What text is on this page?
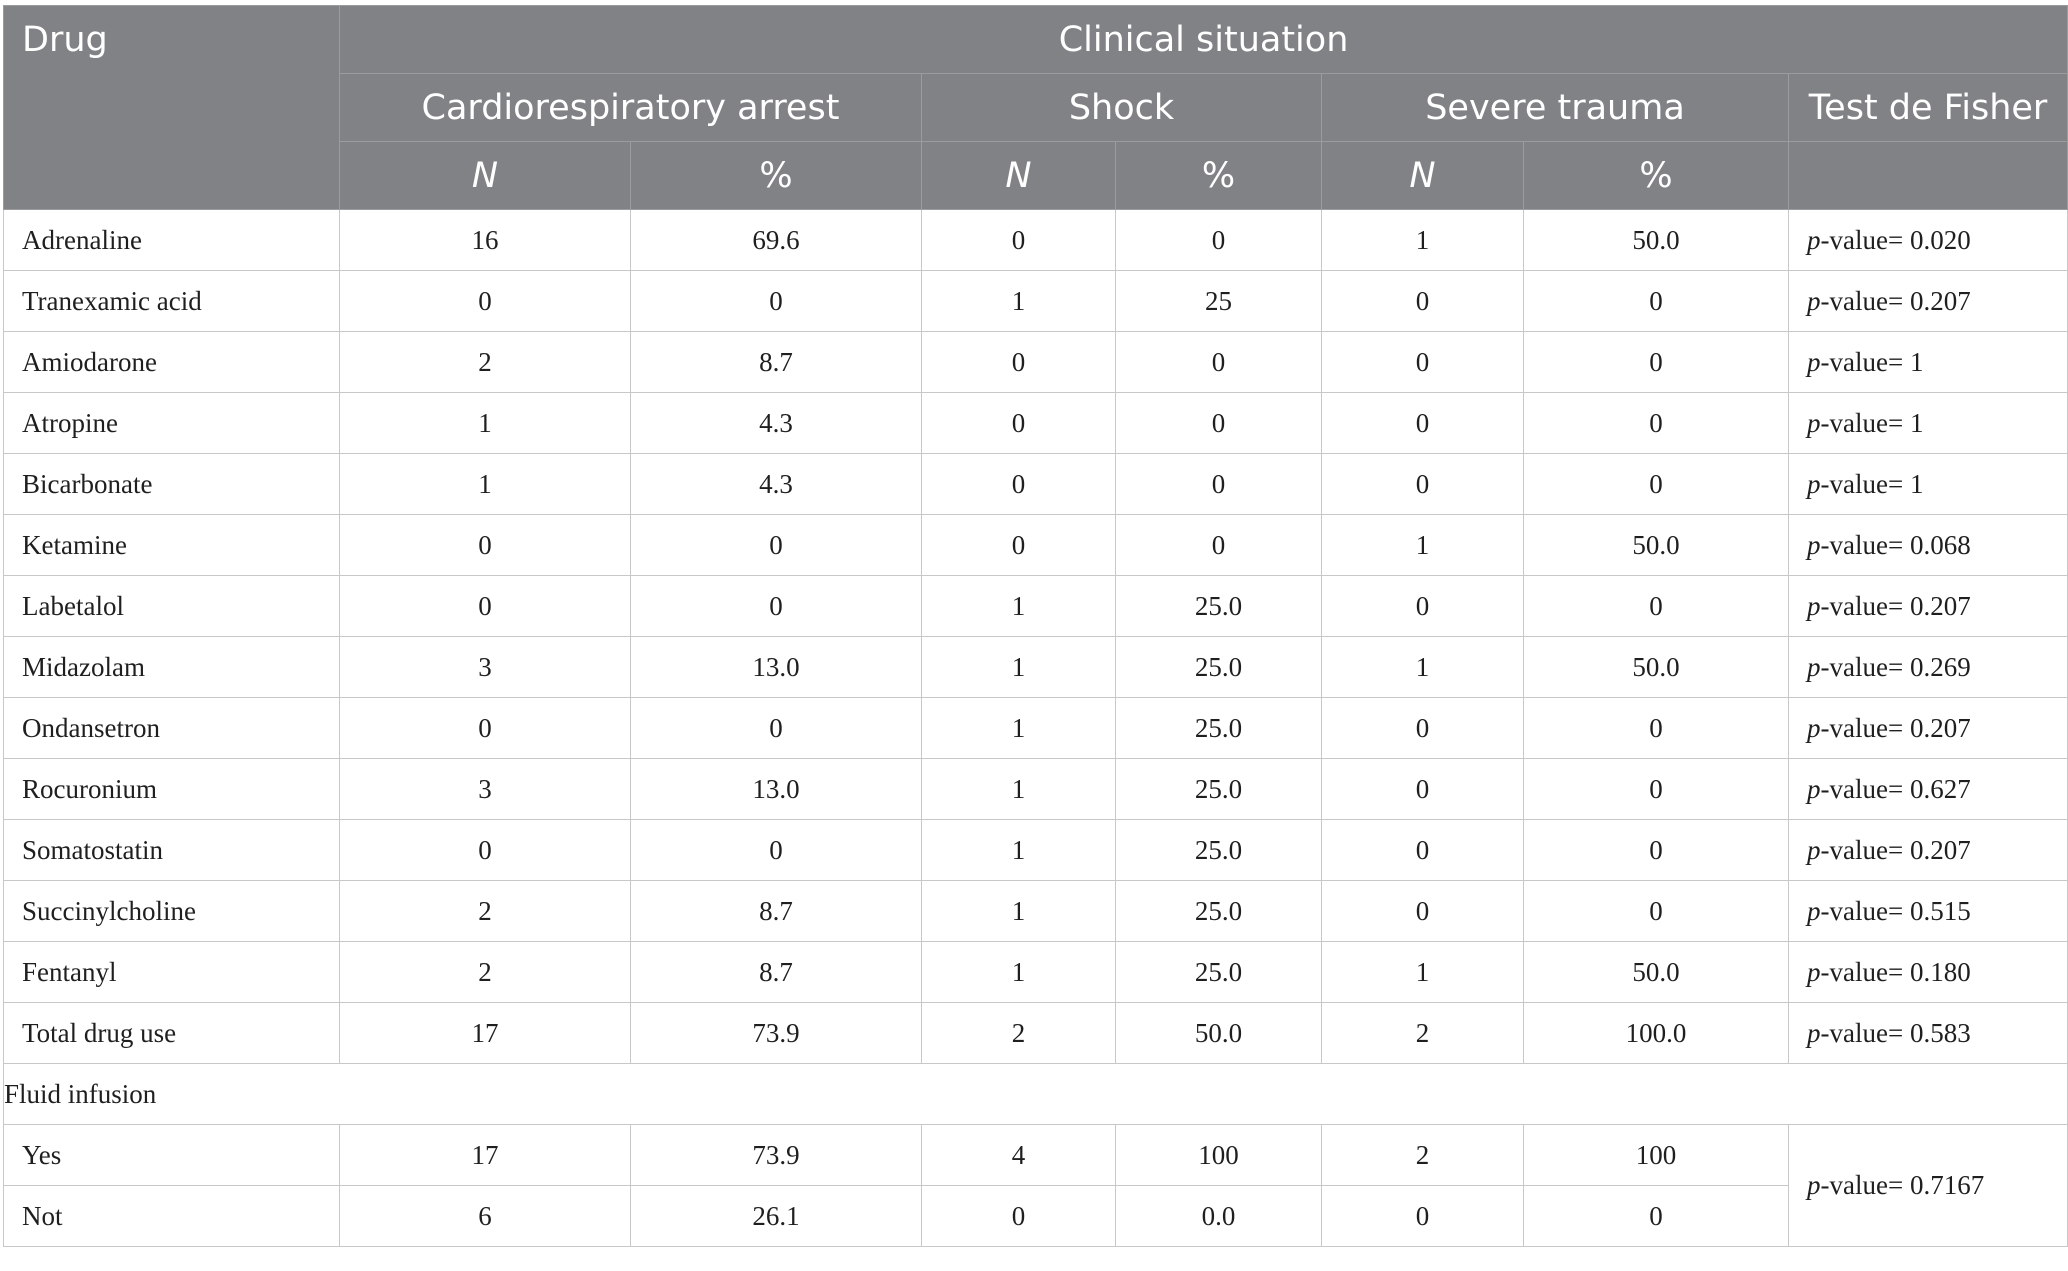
Drug	Clinical situation						
	Cardiorespiratory arrest		Shock		Severe trauma		Test de Fisher
	N	%	N	%	N	%	
Adrenaline	16	69.6	0	0	1	50.0	p-value= 0.020
Tranexamic acid	0	0	1	25	0	0	p-value= 0.207
Amiodarone	2	8.7	0	0	0	0	p-value= 1
Atropine	1	4.3	0	0	0	0	p-value= 1
Bicarbonate	1	4.3	0	0	0	0	p-value= 1
Ketamine	0	0	0	0	1	50.0	p-value= 0.068
Labetalol	0	0	1	25.0	0	0	p-value= 0.207
Midazolam	3	13.0	1	25.0	1	50.0	p-value= 0.269
Ondansetron	0	0	1	25.0	0	0	p-value= 0.207
Rocuronium	3	13.0	1	25.0	0	0	p-value= 0.627
Somatostatin	0	0	1	25.0	0	0	p-value= 0.207
Succinylcholine	2	8.7	1	25.0	0	0	p-value= 0.515
Fentanyl	2	8.7	1	25.0	1	50.0	p-value= 0.180
Total drug use	17	73.9	2	50.0	2	100.0	p-value= 0.583
Fluid infusion							
Yes	17	73.9	4	100	2	100	p-value= 0.7167
Not	6	26.1	0	0.0	0	0	
